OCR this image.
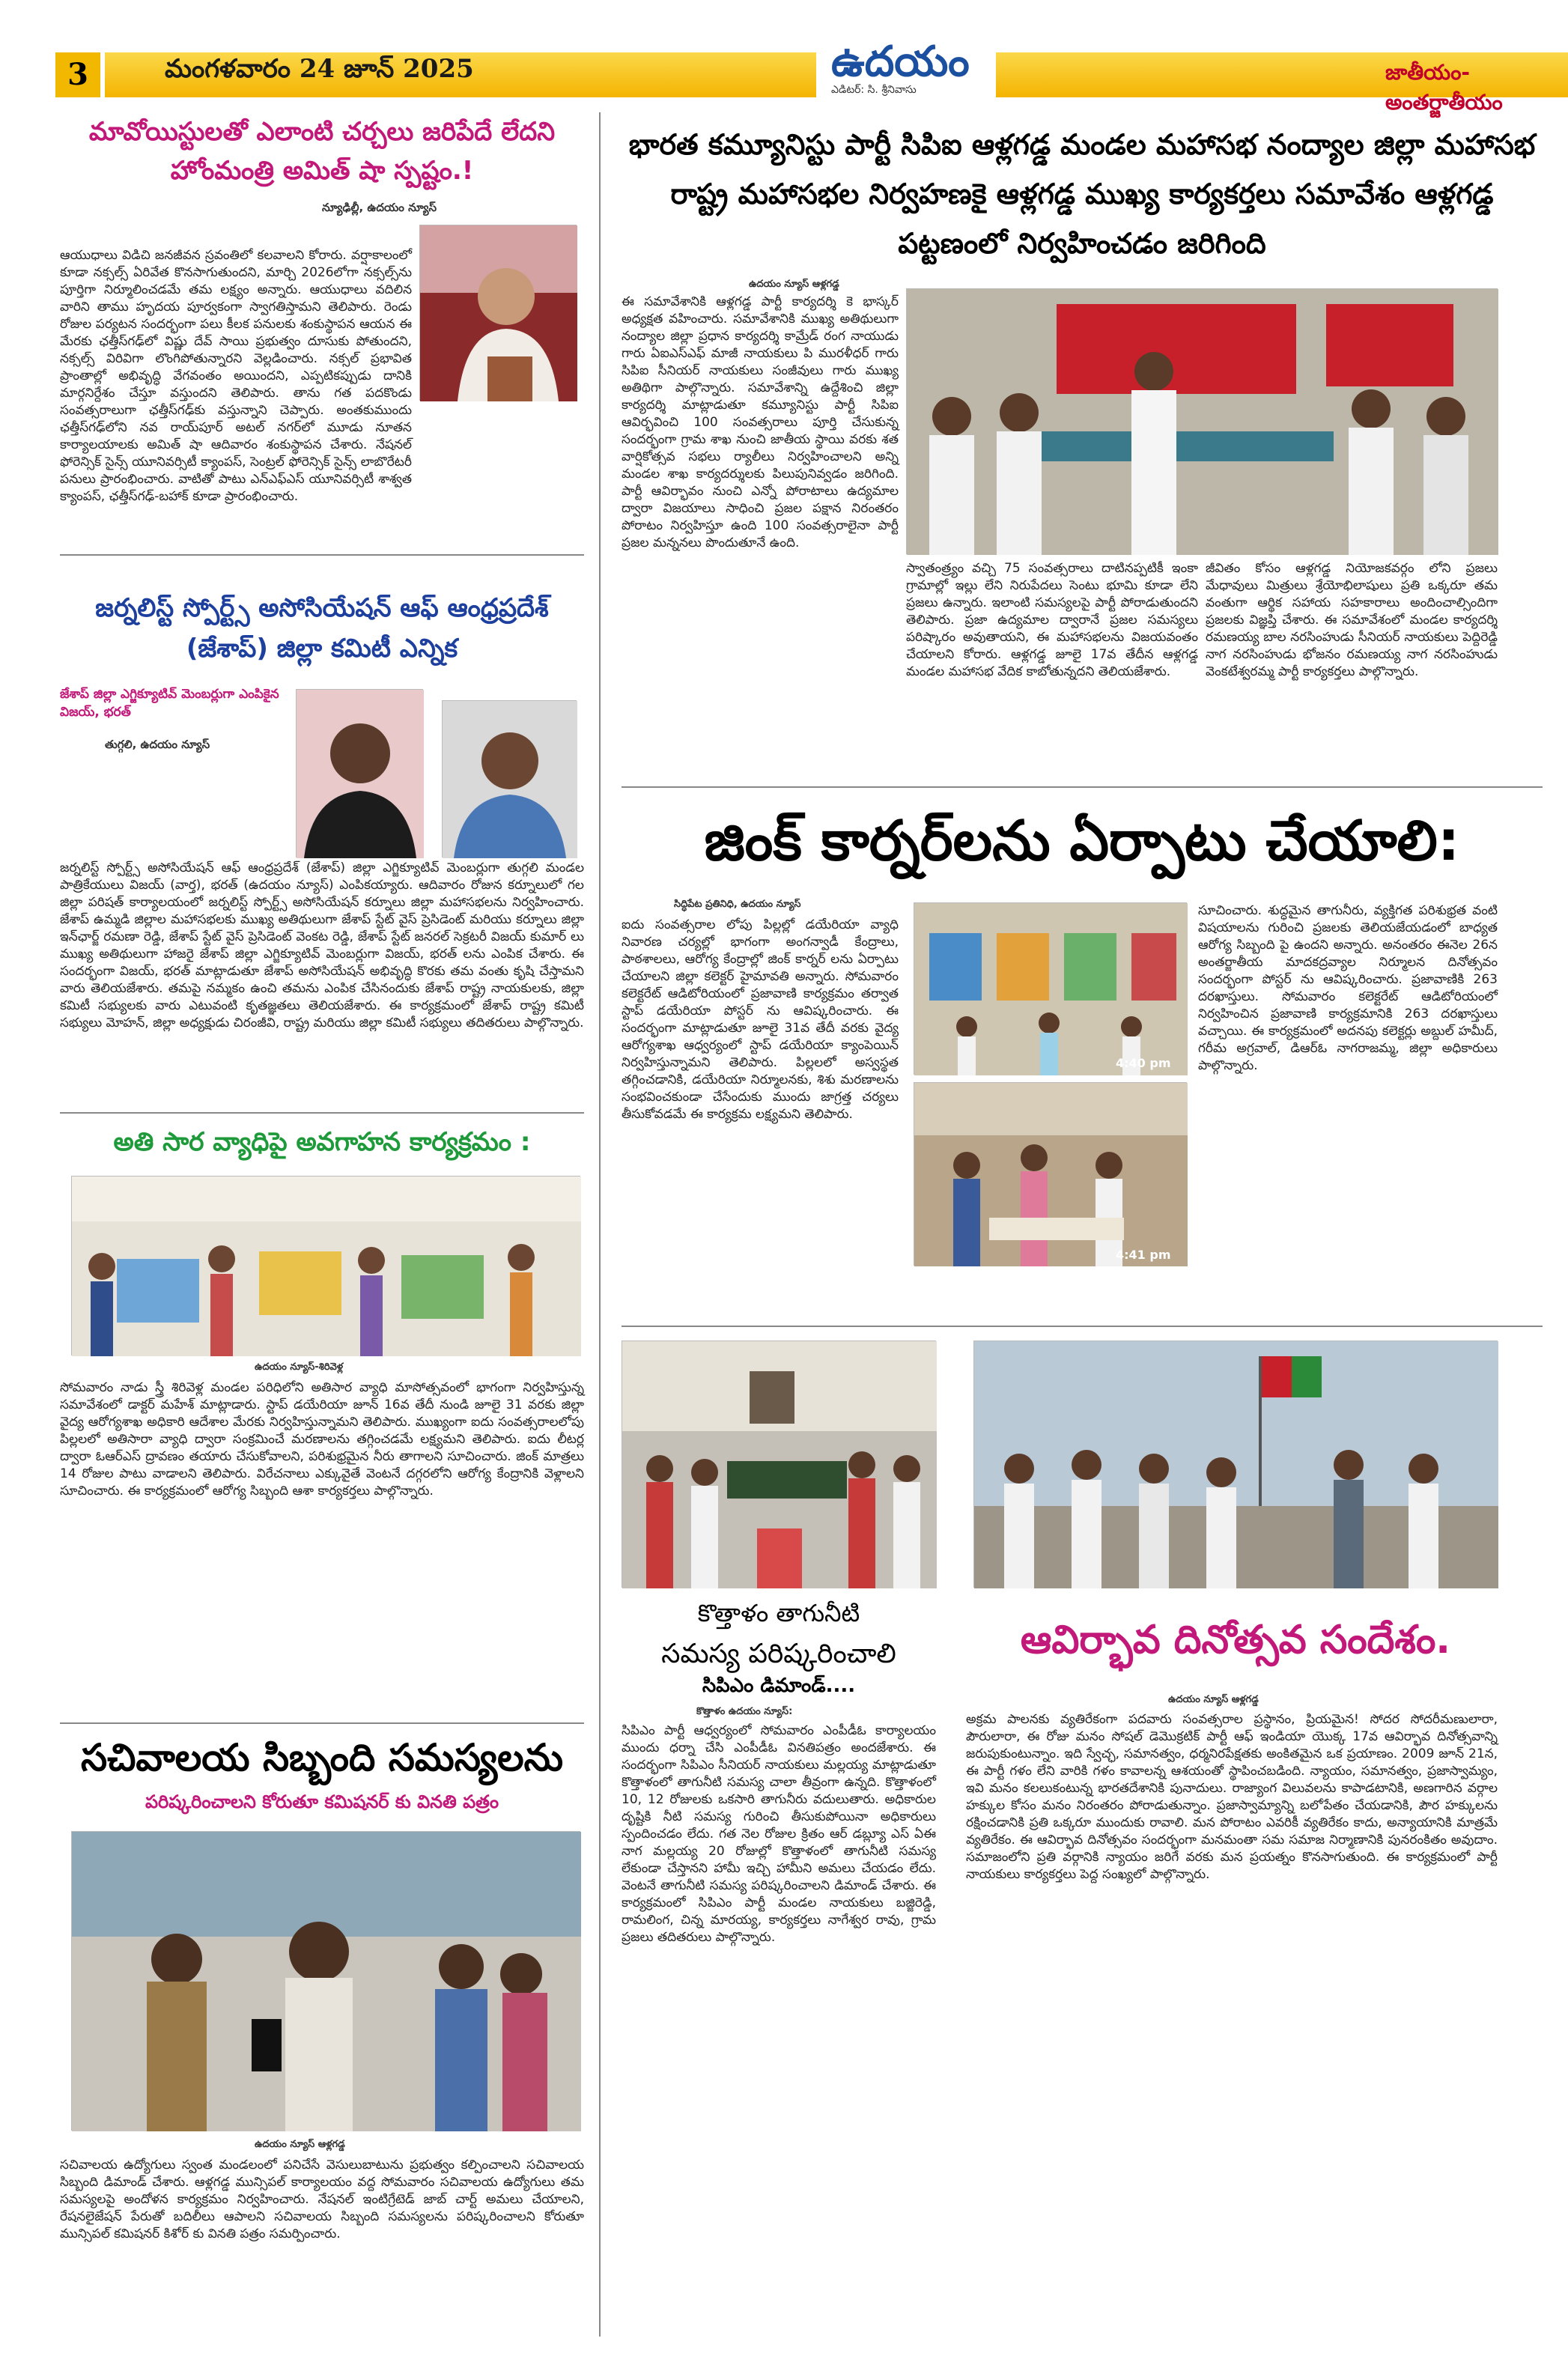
3	మంగళవారం 24 జూన్ 2025	ఉదయం
ఎడిటర్: సి. శ్రీనివాసు
జాతీయం-అంతర్జాతీయం
మావోయిస్టులతో ఎలాంటి చర్చలు జరిపేదే లేదని హోంమంత్రి అమిత్ షా స్పష్టం.!
న్యూఢిల్లీ, ఉదయం న్యూస్
ఆయుధాలు విడిచి జనజీవన స్రవంతిలో కలవాలని కోరారు. వర్షాకాలంలో కూడా నక్సల్స్ ఏరివేత కొనసాగుతుందని, మార్చి 2026లోగా నక్సల్స్‌ను పూర్తిగా నిర్మూలించడమే తమ లక్ష్యం అన్నారు. ఆయుధాలు వదిలిన వారిని తాము హృదయ పూర్వకంగా స్వాగతిస్తామని తెలిపారు. రెండు రోజుల పర్యటన సందర్భంగా పలు కీలక పనులకు శంకుస్థాపన ఆయన ఈ మేరకు ఛత్తీస్‌గఢ్‌లో విష్ణు దేవ్ సాయి ప్రభుత్వం దూసుకు పోతుందని, నక్సల్స్ విరివిగా లొంగిపోతున్నారని వెల్లడించారు. నక్సల్ ప్రభావిత ప్రాంతాల్లో అభివృద్ధి వేగవంతం అయిందని, ఎప్పటికప్పుడు దానికి మార్గనిర్దేశం చేస్తూ వస్తుందని తెలిపారు. తాను గత పదకొండు సంవత్సరాలుగా ఛత్తీస్‌గఢ్‌కు వస్తున్నాని చెప్పారు. అంతకుముందు ఛత్తీస్‌గఢ్‌లోని నవ రాయ్‌పూర్ అటల్ నగర్‌లో మూడు నూతన కార్యాలయాలకు అమిత్ షా ఆదివారం శంకుస్థాపన చేశారు. నేషనల్ ఫోరెన్సిక్ సైన్స్ యూనివర్సిటీ క్యాంపస్, సెంట్రల్ ఫోరెన్సిక్ సైన్స్ లాబొరేటరీ పనులు ప్రారంభించారు. వాటితో పాటు ఎన్ఎఫ్ఎస్ యూనివర్సిటీ శాశ్వత క్యాంపస్, ఛత్తీస్‌గఢ్-బహాక్ కూడా ప్రారంభించారు.
జర్నలిస్ట్ స్పోర్ట్స్ అసోసియేషన్ ఆఫ్ ఆంధ్రప్రదేశ్ (జేశాప్) జిల్లా కమిటీ ఎన్నిక
జేశాప్ జిల్లా ఎగ్జిక్యూటివ్ మెంబర్లుగా ఎంపికైన విజయ్, భరత్
తుగ్గలి, ఉదయం న్యూస్
జర్నలిస్ట్ స్పోర్ట్స్ అసోసియేషన్ ఆఫ్ ఆంధ్రప్రదేశ్ (జేశాప్) జిల్లా ఎగ్జిక్యూటివ్ మెంబర్లుగా తుగ్గలి మండల పాత్రికేయులు విజయ్ (వార్త), భరత్ (ఉదయం న్యూస్) ఎంపికయ్యారు. ఆదివారం రోజున కర్నూలులో గల జిల్లా పరిషత్ కార్యాలయంలో జర్నలిస్ట్ స్పోర్ట్స్ అసోసియేషన్ కర్నూలు జిల్లా మహాసభలను నిర్వహించారు. జేశాప్ ఉమ్మడి జిల్లాల మహాసభలకు ముఖ్య అతిథులుగా జేశాప్ స్టేట్ వైస్ ప్రెసిడెంట్ మరియు కర్నూలు జిల్లా ఇన్‌ఛార్జ్ రమణా రెడ్డి, జేశాప్ స్టేట్ వైస్ ప్రెసిడెంట్ వెంకట రెడ్డి, జేశాప్ స్టేట్ జనరల్ సెక్రటరీ విజయ్ కుమార్ లు ముఖ్య అతిథులుగా హాజరై జేశాప్ జిల్లా ఎగ్జిక్యూటివ్ మెంబర్లుగా విజయ్, భరత్ లను ఎంపిక చేశారు. ఈ సందర్భంగా విజయ్, భరత్ మాట్లాడుతూ జేశాప్ అసోసియేషన్ అభివృద్ధి కొరకు తమ వంతు కృషి చేస్తామని వారు తెలియజేశారు. తమపై నమ్మకం ఉంచి తమను ఎంపిక చేసినందుకు జేశాప్ రాష్ట్ర నాయకులకు, జిల్లా కమిటీ సభ్యులకు వారు ఎటువంటి కృతజ్ఞతలు తెలియజేశారు. ఈ కార్యక్రమంలో జేశాప్ రాష్ట్ర కమిటీ సభ్యులు మోహన్, జిల్లా అధ్యక్షుడు చిరంజీవి, రాష్ట్ర మరియు జిల్లా కమిటీ సభ్యులు తదితరులు పాల్గొన్నారు.
అతి సార వ్యాధిపై అవగాహన కార్యక్రమం :
ఉదయం న్యూస్-శిరివెళ్ల
సోమవారం నాడు స్త్రీ శిరివెళ్ల మండల పరిధిలోని అతిసార వ్యాధి మాసోత్సవంలో భాగంగా నిర్వహిస్తున్న సమావేశంలో డాక్టర్ మహేశ్ మాట్లాడారు. స్టాప్ డయేరియా జూన్ 16వ తేదీ నుండి జూలై 31 వరకు జిల్లా వైద్య ఆరోగ్యశాఖ అధికారి ఆదేశాల మేరకు నిర్వహిస్తున్నామని తెలిపారు. ముఖ్యంగా ఐదు సంవత్సరాలలోపు పిల్లలలో అతిసారా వ్యాధి ద్వారా సంక్రమించే మరణాలను తగ్గించడమే లక్ష్యమని తెలిపారు. ఐదు లీటర్ల ద్వారా ఓఆర్ఎస్ ద్రావణం తయారు చేసుకోవాలని, పరిశుభ్రమైన నీరు తాగాలని సూచించారు. జింక్ మాత్రలు 14 రోజుల పాటు వాడాలని తెలిపారు. విరేచనాలు ఎక్కువైతే వెంటనే దగ్గరలోని ఆరోగ్య కేంద్రానికి వెళ్లాలని సూచించారు. ఈ కార్యక్రమంలో ఆరోగ్య సిబ్బంది ఆశా కార్యకర్తలు పాల్గొన్నారు.
సచివాలయ సిబ్బంది సమస్యలను
పరిష్కరించాలని కోరుతూ కమిషనర్ కు వినతి పత్రం
ఉదయం న్యూస్ ఆళ్లగడ్డ
సచివాలయ ఉద్యోగులు స్వంత మండలంలో పనిచేసే వెసులుబాటును ప్రభుత్వం కల్పించాలని సచివాలయ సిబ్బంది డిమాండ్ చేశారు. ఆళ్లగడ్డ మున్సిపల్ కార్యాలయం వద్ద సోమవారం సచివాలయ ఉద్యోగులు తమ సమస్యలపై అందోళన కార్యక్రమం నిర్వహించారు. నేషనల్ ఇంటిగ్రేటెడ్ జాబ్ చార్ట్ అమలు చేయాలని, రేషనలైజేషన్ పేరుతో బదిలీలు ఆపాలని సచివాలయ సిబ్బంది సమస్యలను పరిష్కరించాలని కోరుతూ మున్సిపల్ కమిషనర్ కిశోర్ కు వినతి పత్రం సమర్పించారు.
భారత కమ్యూనిస్టు పార్టీ సిపిఐ ఆళ్లగడ్డ మండల మహాసభ నంద్యాల జిల్లా మహాసభ రాష్ట్ర మహాసభల నిర్వహణకై ఆళ్లగడ్డ ముఖ్య కార్యకర్తలు సమావేశం ఆళ్లగడ్డ పట్టణంలో నిర్వహించడం జరిగింది
ఉదయం న్యూస్ ఆళ్లగడ్డ
ఈ సమావేశానికి ఆళ్లగడ్డ పార్టీ కార్యదర్శి కె భాస్కర్ అధ్యక్షత వహించారు. సమావేశానికి ముఖ్య అతిథులుగా నంద్యాల జిల్లా ప్రధాన కార్యదర్శి కామ్రేడ్ రంగ నాయుడు గారు ఏఐఎస్ఎఫ్ మాజీ నాయకులు పి మురళీధర్ గారు సిపిఐ సీనియర్ నాయకులు సంజీవులు గారు ముఖ్య అతిథిగా పాల్గొన్నారు. సమావేశాన్ని ఉద్దేశించి జిల్లా కార్యదర్శి మాట్లాడుతూ కమ్యూనిస్టు పార్టీ సిపిఐ ఆవిర్భవించి 100 సంవత్సరాలు పూర్తి చేసుకున్న సందర్భంగా గ్రామ శాఖ నుంచి జాతీయ స్థాయి వరకు శత వార్షికోత్సవ సభలు ర్యాలీలు నిర్వహించాలని అన్ని మండల శాఖ కార్యదర్శులకు పిలుపునివ్వడం జరిగింది. పార్టీ ఆవిర్భావం నుంచి ఎన్నో పోరాటాలు ఉద్యమాల ద్వారా విజయాలు సాధించి ప్రజల పక్షాన నిరంతరం పోరాటం నిర్వహిస్తూ ఉంది 100 సంవత్సరాలైనా పార్టీ ప్రజల మన్ననలు పొందుతూనే ఉంది.
స్వాతంత్ర్యం వచ్చి 75 సంవత్సరాలు దాటినప్పటికీ ఇంకా గ్రామాల్లో ఇల్లు లేని నిరుపేదలు సెంటు భూమి కూడా లేని ప్రజలు ఉన్నారు. ఇలాంటి సమస్యలపై పార్టీ పోరాడుతుందని తెలిపారు. ప్రజా ఉద్యమాల ద్వారానే ప్రజల సమస్యలు పరిష్కారం అవుతాయని, ఈ మహాసభలను విజయవంతం చేయాలని కోరారు. ఆళ్లగడ్డ జూలై 17వ తేదీన ఆళ్లగడ్డ మండల మహాసభ వేదిక కాబోతున్నదని తెలియజేశారు.
జీవితం కోసం ఆళ్లగడ్డ నియోజకవర్గం లోని ప్రజలు మేధావులు మిత్రులు శ్రేయోభిలాషులు ప్రతి ఒక్కరూ తమ వంతుగా ఆర్థిక సహాయ సహకారాలు అందించాల్సిందిగా ప్రజలకు విజ్ఞప్తి చేశారు. ఈ సమావేశంలో మండల కార్యదర్శి రమణయ్య బాల నరసింహుడు సీనియర్ నాయకులు పెద్దిరెడ్డి నాగ నరసింహుడు భోజనం రమణయ్య నాగ నరసింహుడు వెంకటేశ్వరమ్మ పార్టీ కార్యకర్తలు పాల్గొన్నారు.
జింక్ కార్నర్‌లను ఏర్పాటు చేయాలి:
సిద్ధిపేట ప్రతినిధి, ఉదయం న్యూస్
ఐదు సంవత్సరాల లోపు పిల్లల్లో డయేరియా వ్యాధి నివారణ చర్యల్లో భాగంగా అంగన్వాడీ కేంద్రాలు, పాఠశాలలు, ఆరోగ్య కేంద్రాల్లో జింక్ కార్నర్ లను ఏర్పాటు చేయాలని జిల్లా కలెక్టర్ హైమావతి అన్నారు. సోమవారం కలెక్టరేట్ ఆడిటోరియంలో ప్రజావాణి కార్యక్రమం తర్వాత స్టాప్ డయేరియా పోస్టర్ ను ఆవిష్కరించారు. ఈ సందర్భంగా మాట్లాడుతూ జూలై 31వ తేదీ వరకు వైద్య ఆరోగ్యశాఖ ఆధ్వర్యంలో స్టాప్ డయేరియా క్యాంపెయిన్ నిర్వహిస్తున్నామని తెలిపారు. పిల్లలలో అస్వస్థత తగ్గించడానికి, డయేరియా నిర్మూలనకు, శిశు మరణాలను సంభవించకుండా చేసేందుకు ముందు జాగ్రత్త చర్యలు తీసుకోవడమే ఈ కార్యక్రమ లక్ష్యమని తెలిపారు.
4:40 pm
4:41 pm
సూచించారు. శుద్ధమైన తాగునీరు, వ్యక్తిగత పరిశుభ్రత వంటి విషయాలను గురించి ప్రజలకు తెలియజేయడంలో బాధ్యత ఆరోగ్య సిబ్బంది పై ఉందని అన్నారు. అనంతరం ఈనెల 26న అంతర్జాతీయ మాదకద్రవ్యాల నిర్మూలన దినోత్సవం సందర్భంగా పోస్టర్ ను ఆవిష్కరించారు. ప్రజావాణికి 263 దరఖాస్తులు. సోమవారం కలెక్టరేట్ ఆడిటోరియంలో నిర్వహించిన ప్రజావాణి కార్యక్రమానికి 263 దరఖాస్తులు వచ్చాయి. ఈ కార్యక్రమంలో అదనపు కలెక్టర్లు అబ్దుల్ హమీద్, గరీమ అగ్రవాల్, డిఆర్ఓ నాగరాజమ్మ, జిల్లా అధికారులు పాల్గొన్నారు.
కొత్తాళం తాగునీటి
సమస్య పరిష్కరించాలి
సిపిఎం డిమాండ్....
కొత్తాళం ఉదయం న్యూస్:
సిపిఎం పార్టీ ఆధ్వర్యంలో సోమవారం ఎంపీడీఓ కార్యాలయం ముందు ధర్నా చేసి ఎంపీడీఓ వినతిపత్రం అందజేశారు. ఈ సందర్భంగా సిపిఎం సీనియర్ నాయకులు మల్లయ్య మాట్లాడుతూ కొత్తాళంలో తాగునీటి సమస్య చాలా తీవ్రంగా ఉన్నది. కొత్తాళంలో 10, 12 రోజులకు ఒకసారి తాగునీరు వదులుతారు. అధికారుల దృష్టికి నీటి సమస్య గురించి తీసుకుపోయినా అధికారులు స్పందించడం లేదు. గత నెల రోజుల క్రితం ఆర్ డబ్ల్యూ ఎస్ ఏఈ నాగ మల్లయ్య 20 రోజుల్లో కొత్తాళంలో తాగునీటి సమస్య లేకుండా చేస్తానని హామీ ఇచ్చి హామీని అమలు చేయడం లేదు. వెంటనే తాగునీటి సమస్య పరిష్కరించాలని డిమాండ్ చేశారు. ఈ కార్యక్రమంలో సిపిఎం పార్టీ మండల నాయకులు బజ్జిరెడ్డి, రామలింగ, చిన్న మారయ్య, కార్యకర్తలు నాగేశ్వర రావు, గ్రామ ప్రజలు తదితరులు పాల్గొన్నారు.
ఆవిర్భావ దినోత్సవ సందేశం.
ఉదయం న్యూస్ ఆళ్లగడ్డ
అక్రమ పాలనకు వ్యతిరేకంగా పదవారు సంవత్సరాల ప్రస్థానం, ప్రియమైన! సోదర సోదరీమణులారా, పౌరులారా, ఈ రోజు మనం సోషల్ డెమొక్రటిక్ పార్టీ ఆఫ్ ఇండియా యొక్క 17వ ఆవిర్భావ దినోత్సవాన్ని జరుపుకుంటున్నాం. ఇది స్వేచ్ఛ, సమానత్వం, ధర్మనిరపేక్షతకు అంకితమైన ఒక ప్రయాణం. 2009 జూన్ 21న, ఈ పార్టీ గళం లేని వారికి గళం కావాలన్న ఆశయంతో స్థాపించబడింది. న్యాయం, సమానత్వం, ప్రజాస్వామ్యం, ఇవి మనం కలలుకంటున్న భారతదేశానికి పునాదులు. రాజ్యాంగ విలువలను కాపాడటానికి, అణగారిన వర్గాల హక్కుల కోసం మనం నిరంతరం పోరాడుతున్నాం. ప్రజాస్వామ్యాన్ని బలోపేతం చేయడానికి, పౌర హక్కులను రక్షించడానికి ప్రతి ఒక్కరూ ముందుకు రావాలి. మన పోరాటం ఎవరికీ వ్యతిరేకం కాదు, అన్యాయానికి మాత్రమే వ్యతిరేకం. ఈ ఆవిర్భావ దినోత్సవం సందర్భంగా మనమంతా సమ సమాజ నిర్మాణానికి పునరంకితం అవుదాం. సమాజంలోని ప్రతి వర్గానికి న్యాయం జరిగే వరకు మన ప్రయత్నం కొనసాగుతుంది. ఈ కార్యక్రమంలో పార్టీ నాయకులు కార్యకర్తలు పెద్ద సంఖ్యలో పాల్గొన్నారు.
